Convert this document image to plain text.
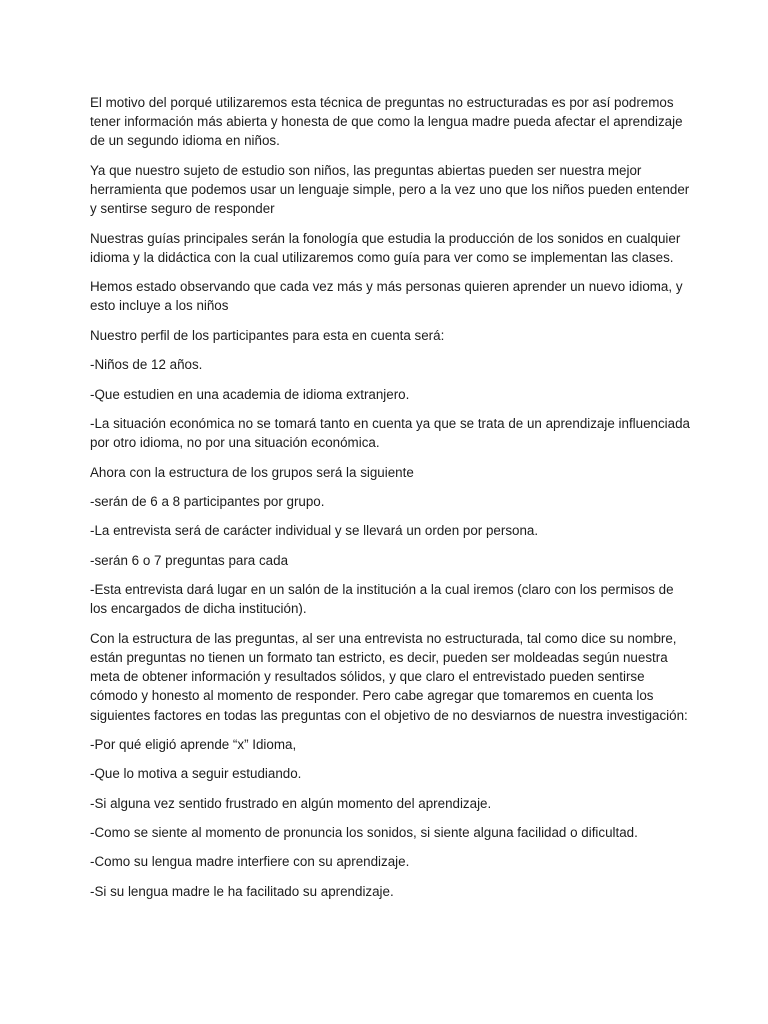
El motivo del porqué utilizaremos esta técnica de preguntas no estructuradas es por así podremos tener información más abierta y honesta de que como la lengua madre pueda afectar el aprendizaje de un segundo idioma en niños.

Ya que nuestro sujeto de estudio son niños, las preguntas abiertas pueden ser nuestra mejor herramienta que podemos usar un lenguaje simple, pero a la vez uno que los niños pueden entender y sentirse seguro de responder

Nuestras guías principales serán la fonología que estudia la producción de los sonidos en cualquier idioma y la didáctica con la cual utilizaremos como guía para ver como se implementan las clases.

Hemos estado observando que cada vez más y más personas quieren aprender un nuevo idioma, y esto incluye a los niños

Nuestro perfil de los participantes para esta en cuenta será:

-Niños de 12 años.

-Que estudien en una academia de idioma extranjero.

-La situación económica no se tomará tanto en cuenta ya que se trata de un aprendizaje influenciada por otro idioma, no por una situación económica.

Ahora con la estructura de los grupos será la siguiente

-serán de 6 a 8 participantes por grupo.

-La entrevista será de carácter individual y se llevará un orden por persona.

-serán 6 o 7 preguntas para cada

-Esta entrevista dará lugar en un salón de la institución a la cual iremos (claro con los permisos de los encargados de dicha institución).

Con la estructura de las preguntas, al ser una entrevista no estructurada, tal como dice su nombre, están preguntas no tienen un formato tan estricto, es decir, pueden ser moldeadas según nuestra meta de obtener información y resultados sólidos, y que claro el entrevistado pueden sentirse cómodo y honesto al momento de responder. Pero cabe agregar que tomaremos en cuenta los siguientes factores en todas las preguntas con el objetivo de no desviarnos de nuestra investigación:

-Por qué eligió aprende “x” Idioma,

-Que lo motiva a seguir estudiando.

-Si alguna vez sentido frustrado en algún momento del aprendizaje.

-Como se siente al momento de pronuncia los sonidos, si siente alguna facilidad o dificultad.

-Como su lengua madre interfiere con su aprendizaje.

-Si su lengua madre le ha facilitado su aprendizaje.
